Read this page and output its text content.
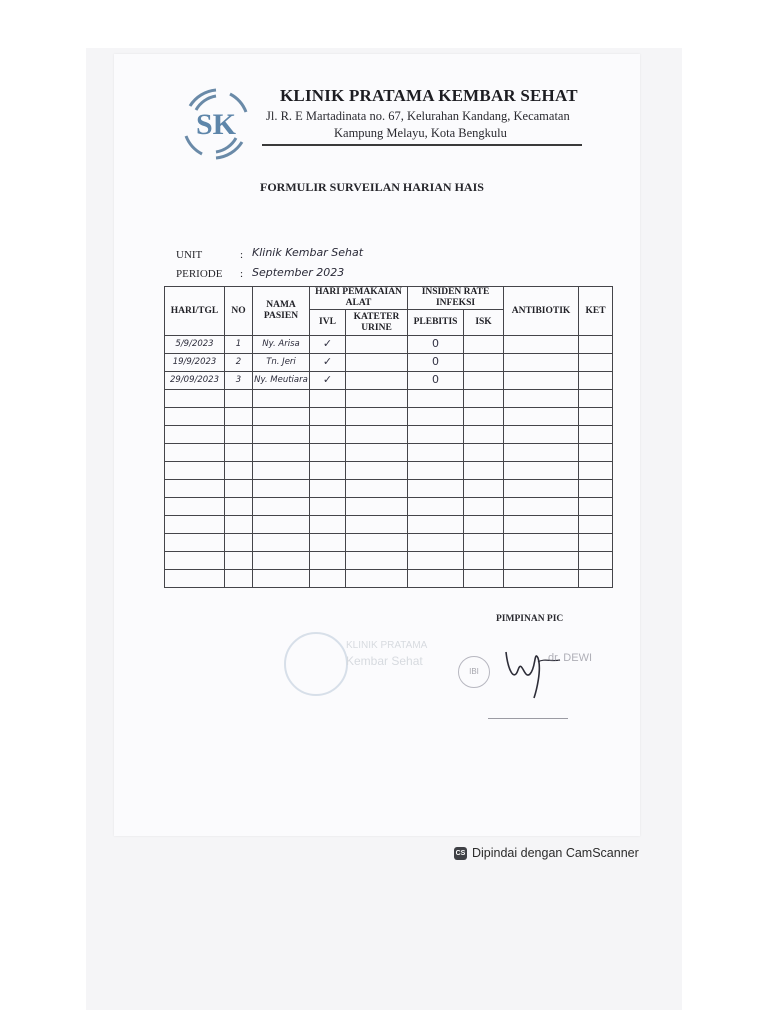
SK
KLINIK PRATAMA KEMBAR SEHAT
Jl. R. E Martadinata no. 67, Kelurahan Kandang, Kecamatan
Kampung Melayu, Kota Bengkulu
FORMULIR SURVEILAN HARIAN HAIS
UNIT	: Klinik Kembar Sehat
PERIODE : September 2023
HARI/TGL	NO	NAMA PASIEN	HARI PEMAKAIAN ALAT		INSIDEN RATE INFEKSI		ANTIBIOTIK	KET
			IVL	KATETER URINE	PLEBITIS	ISK		
5/9/2023	1	Ny. Arisa	✓		0			
19/9/2023	2	Tn. Jeri	✓		0			
29/09/2023	3	Ny. Meutiara	✓		0			

PIMPINAN PIC
KLINIK PRATAMA
Kembar Sehat
IBI
dr. DEWI
CS Dipindai dengan CamScanner
